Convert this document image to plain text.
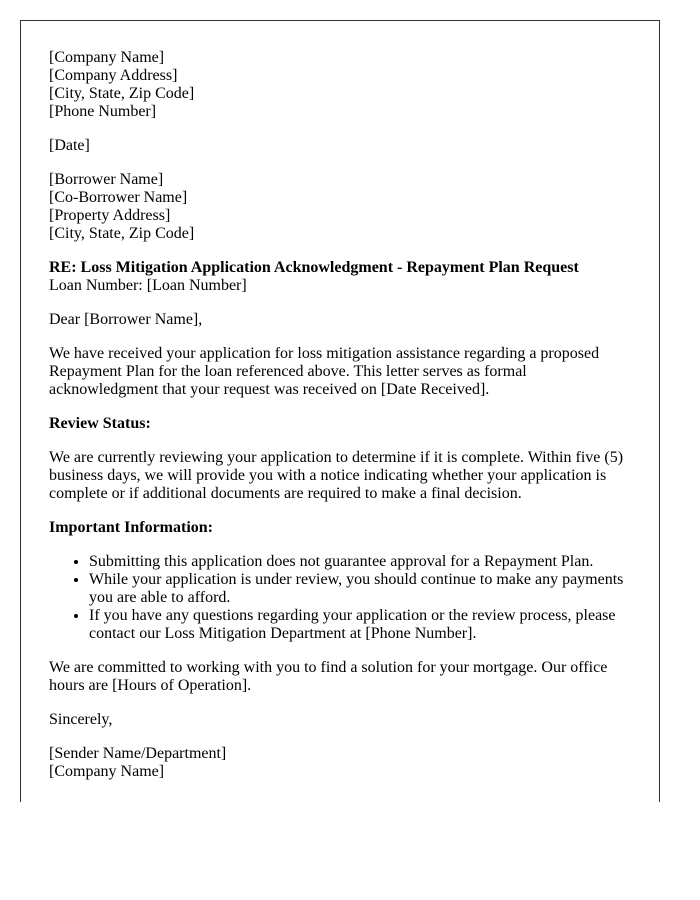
[Company Name]
[Company Address]
[City, State, Zip Code]
[Phone Number]

[Date]

[Borrower Name]
[Co-Borrower Name]
[Property Address]
[City, State, Zip Code]

RE: Loss Mitigation Application Acknowledgment - Repayment Plan Request
Loan Number: [Loan Number]

Dear [Borrower Name],

We have received your application for loss mitigation assistance regarding a proposed Repayment Plan for the loan referenced above. This letter serves as formal acknowledgment that your request was received on [Date Received].

Review Status:

We are currently reviewing your application to determine if it is complete. Within five (5) business days, we will provide you with a notice indicating whether your application is complete or if additional documents are required to make a final decision.

Important Information:

• Submitting this application does not guarantee approval for a Repayment Plan.
• While your application is under review, you should continue to make any payments you are able to afford.
• If you have any questions regarding your application or the review process, please contact our Loss Mitigation Department at [Phone Number].

We are committed to working with you to find a solution for your mortgage. Our office hours are [Hours of Operation].

Sincerely,

[Sender Name/Department]
[Company Name]
